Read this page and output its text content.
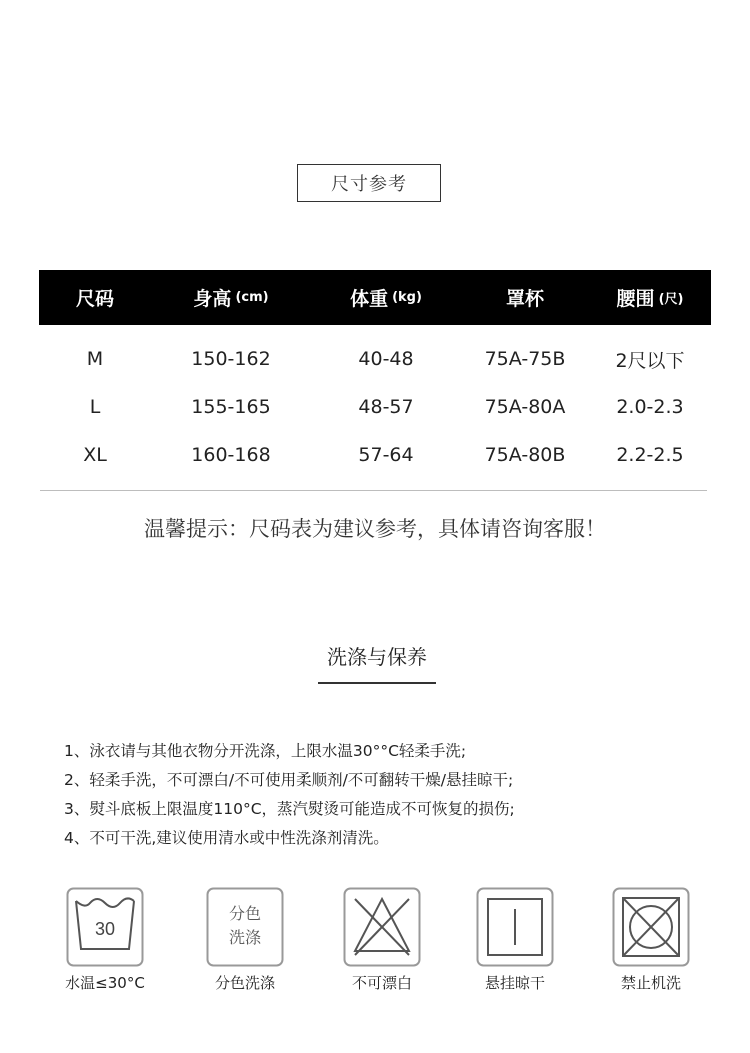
尺寸参考
尺码	身高 (cm)	体重 (kg)	罩杯	腰围 (尺)
M	150-162	40-48	75A-75B	2尺以下
L	155-165	48-57	75A-80A	2.0-2.3
XL	160-168	57-64	75A-80B	2.2-2.5
温馨提示：尺码表为建议参考，具体请咨询客服！
洗涤与保养
1、泳衣请与其他衣物分开洗涤，上限水温30°°C轻柔手洗;
2、轻柔手洗，不可漂白/不可使用柔顺剂/不可翻转干燥/悬挂晾干;
3、熨斗底板上限温度110°C，蒸汽熨烫可能造成不可恢复的损伤;
4、不可干洗,建议使用清水或中性洗涤剂清洗。
30
水温≤30°C
分色
洗涤
分色洗涤	不可漂白	悬挂晾干	禁止机洗
